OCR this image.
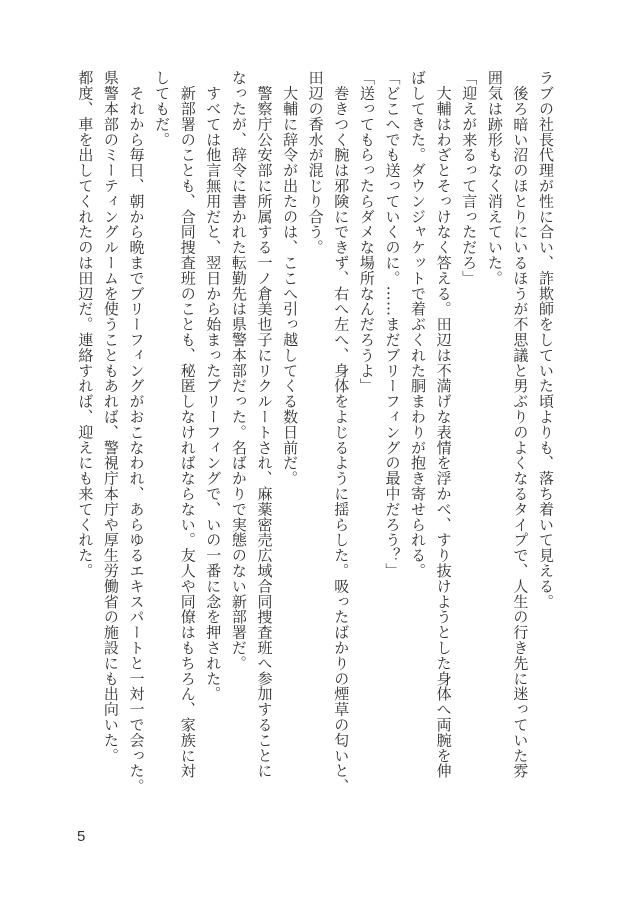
ラブの社長代理が性に合い、詐欺師をしていた頃よりも、落ち着いて見える。
　後ろ暗い沼のほとりにいるほうが不思議と男ぶりのよくなるタイプで、人生の行き先に迷っていた雰
囲気は跡形もなく消えていた。
「迎えが来るって言っただろ」
　大輔はわざとそっけなく答える。田辺は不満げな表情を浮かべ、すり抜けようとした身体へ両腕を伸
ばしてきた。ダウンジャケットで着ぶくれた胴まわりが抱き寄せられる。
「どこへでも送っていくのに。……まだブリーフィングの最中だろう？」
「送ってもらったらダメな場所なんだろうよ」
　巻きつく腕は邪険にできず、右へ左へ、身体をよじるように揺らした。吸ったばかりの煙草の匂いと、
田辺の香水が混じり合う。
　大輔に辞令が出たのは、ここへ引っ越してくる数日前だ。
　警察庁公安部に所属する一ノ倉美也子にリクルートされ、麻薬密売広域合同捜査班へ参加することに
なったが、辞令に書かれた転勤先は県警本部だった。名ばかりで実態のない新部署だ。
　すべては他言無用だと、翌日から始まったブリーフィングで、いの一番に念を押された。
　新部署のことも、合同捜査班のことも、秘匿しなければならない。友人や同僚はもちろん、家族に対
してもだ。
　それから毎日、朝から晩までブリーフィングがおこなわれ、あらゆるエキスパートと一対一で会った。
県警本部のミーティングルームを使うこともあれば、警視庁本庁や厚生労働省の施設にも出向いた。
都度、車を出してくれたのは田辺だ。連絡すれば、迎えにも来てくれた。
5
